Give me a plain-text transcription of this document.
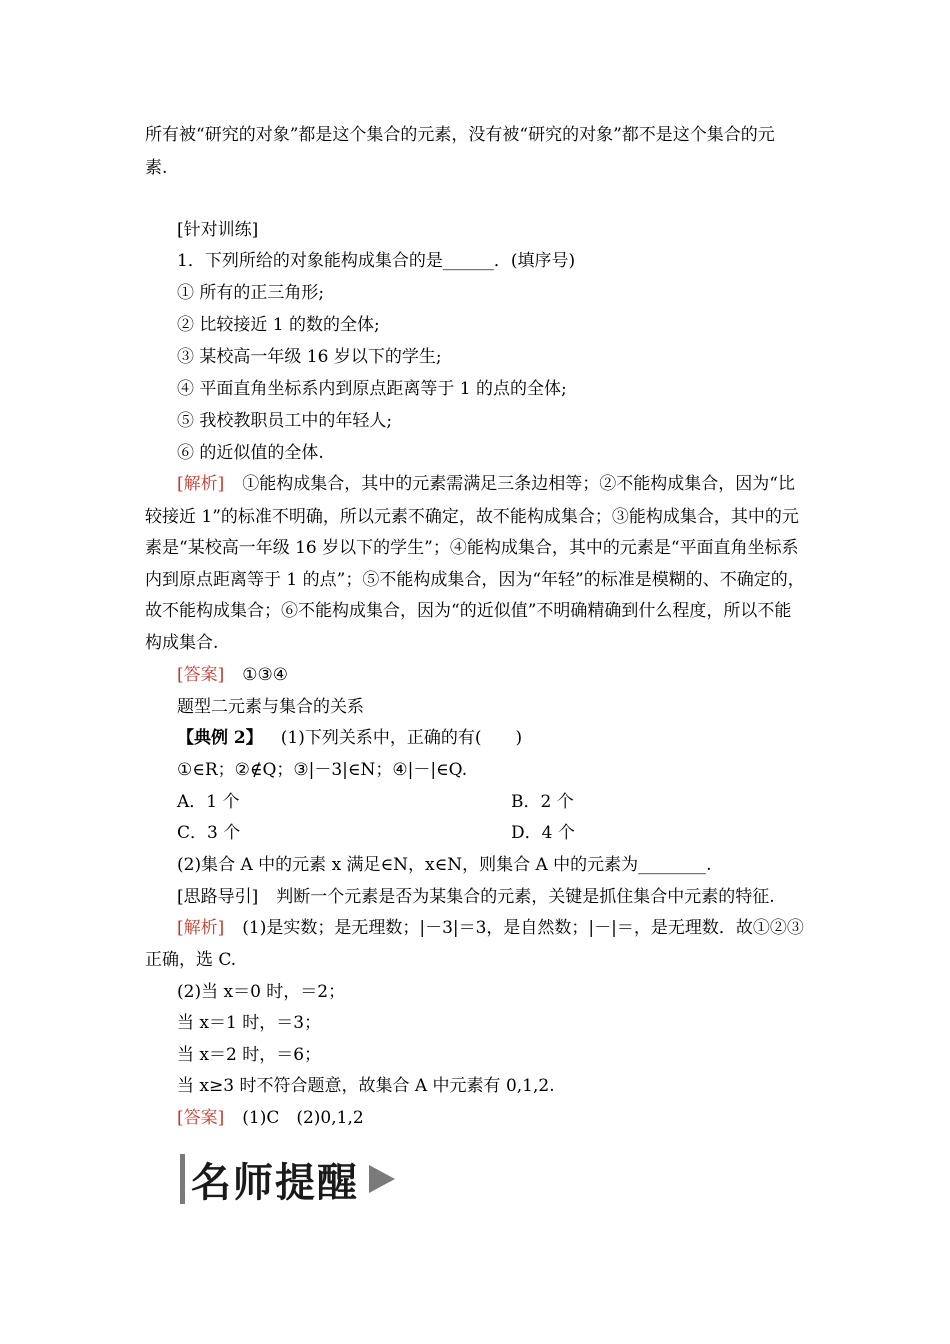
所有被“研究的对象”都是这个集合的元素，没有被“研究的对象”都不是这个集合的元
素.
[针对训练]
1．下列所给的对象能构成集合的是______．(填序号)
① 所有的正三角形;
② 比较接近 1 的数的全体;
③ 某校高一年级 16 岁以下的学生;
④ 平面直角坐标系内到原点距离等于 1 的点的全体;
⑤ 我校教职员工中的年轻人;
⑥ 的近似值的全体.
[解析] ①能构成集合，其中的元素需满足三条边相等；②不能构成集合，因为“比
较接近 1”的标准不明确，所以元素不确定，故不能构成集合；③能构成集合，其中的元
素是“某校高一年级 16 岁以下的学生”；④能构成集合，其中的元素是“平面直角坐标系
内到原点距离等于 1 的点”；⑤不能构成集合，因为“年轻”的标准是模糊的、不确定的，
故不能构成集合；⑥不能构成集合，因为“的近似值”不明确精确到什么程度，所以不能
构成集合.
[答案] ①③④
题型二元素与集合的关系
【典例 2】 (1)下列关系中，正确的有(　　)
①∈R；②∉Q；③|－3|∈N；④|－|∈Q.
A．1 个	B．2 个
C．3 个	D．4 个
(2)集合 A 中的元素 x 满足∈N，x∈N，则集合 A 中的元素为________.
[思路导引] 判断一个元素是否为某集合的元素，关键是抓住集合中元素的特征.
[解析] (1)是实数；是无理数；|－3|＝3，是自然数；|－|＝，是无理数．故①②③
正确，选 C.
(2)当 x＝0 时，＝2；
当 x＝1 时，＝3；
当 x＝2 时，＝6；
当 x≥3 时不符合题意，故集合 A 中元素有 0,1,2.
[答案] (1)C　(2)0,1,2
名师提醒
